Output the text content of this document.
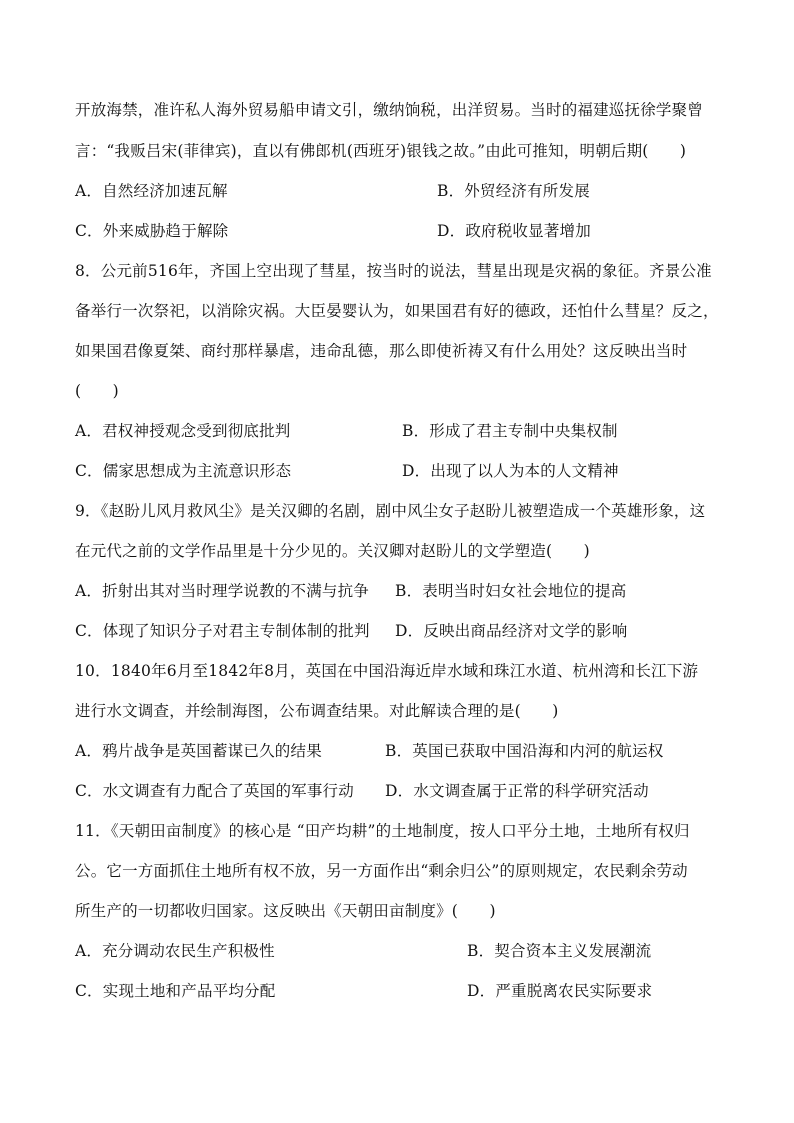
开放海禁，准许私人海外贸易船申请文引，缴纳饷税，出洋贸易。当时的福建巡抚徐学聚曾
言：“我贩吕宋(菲律宾)，直以有佛郎机(西班牙)银钱之故。”由此可推知，明朝后期(　　)
A．自然经济加速瓦解	B．外贸经济有所发展
C．外来威胁趋于解除	D．政府税收显著增加
8．公元前516年，齐国上空出现了彗星，按当时的说法，彗星出现是灾祸的象征。齐景公准
备举行一次祭祀，以消除灾祸。大臣晏婴认为，如果国君有好的德政，还怕什么彗星？反之，
如果国君像夏桀、商纣那样暴虐，违命乱德，那么即使祈祷又有什么用处？这反映出当时
(　　)
A．君权神授观念受到彻底批判	B．形成了君主专制中央集权制
C．儒家思想成为主流意识形态	D．出现了以人为本的人文精神
9．《赵盼儿风月救风尘》是关汉卿的名剧，剧中风尘女子赵盼儿被塑造成一个英雄形象，这
在元代之前的文学作品里是十分少见的。关汉卿对赵盼儿的文学塑造(　　)
A．折射出其对当时理学说教的不满与抗争 B．表明当时妇女社会地位的提高
C．体现了知识分子对君主专制体制的批判 D．反映出商品经济对文学的影响
10．1840年6月至1842年8月，英国在中国沿海近岸水域和珠江水道、杭州湾和长江下游
进行水文调查，并绘制海图，公布调查结果。对此解读合理的是(　　)
A．鸦片战争是英国蓄谋已久的结果	B．英国已获取中国沿海和内河的航运权
C．水文调查有力配合了英国的军事行动 D．水文调查属于正常的科学研究活动
11．《天朝田亩制度》的核心是 “田产均耕”的土地制度，按人口平分土地，土地所有权归
公。它一方面抓住土地所有权不放，另一方面作出“剩余归公”的原则规定，农民剩余劳动
所生产的一切都收归国家。这反映出《天朝田亩制度》(　　)
A．充分调动农民生产积极性	B．契合资本主义发展潮流
C．实现土地和产品平均分配	D．严重脱离农民实际要求
